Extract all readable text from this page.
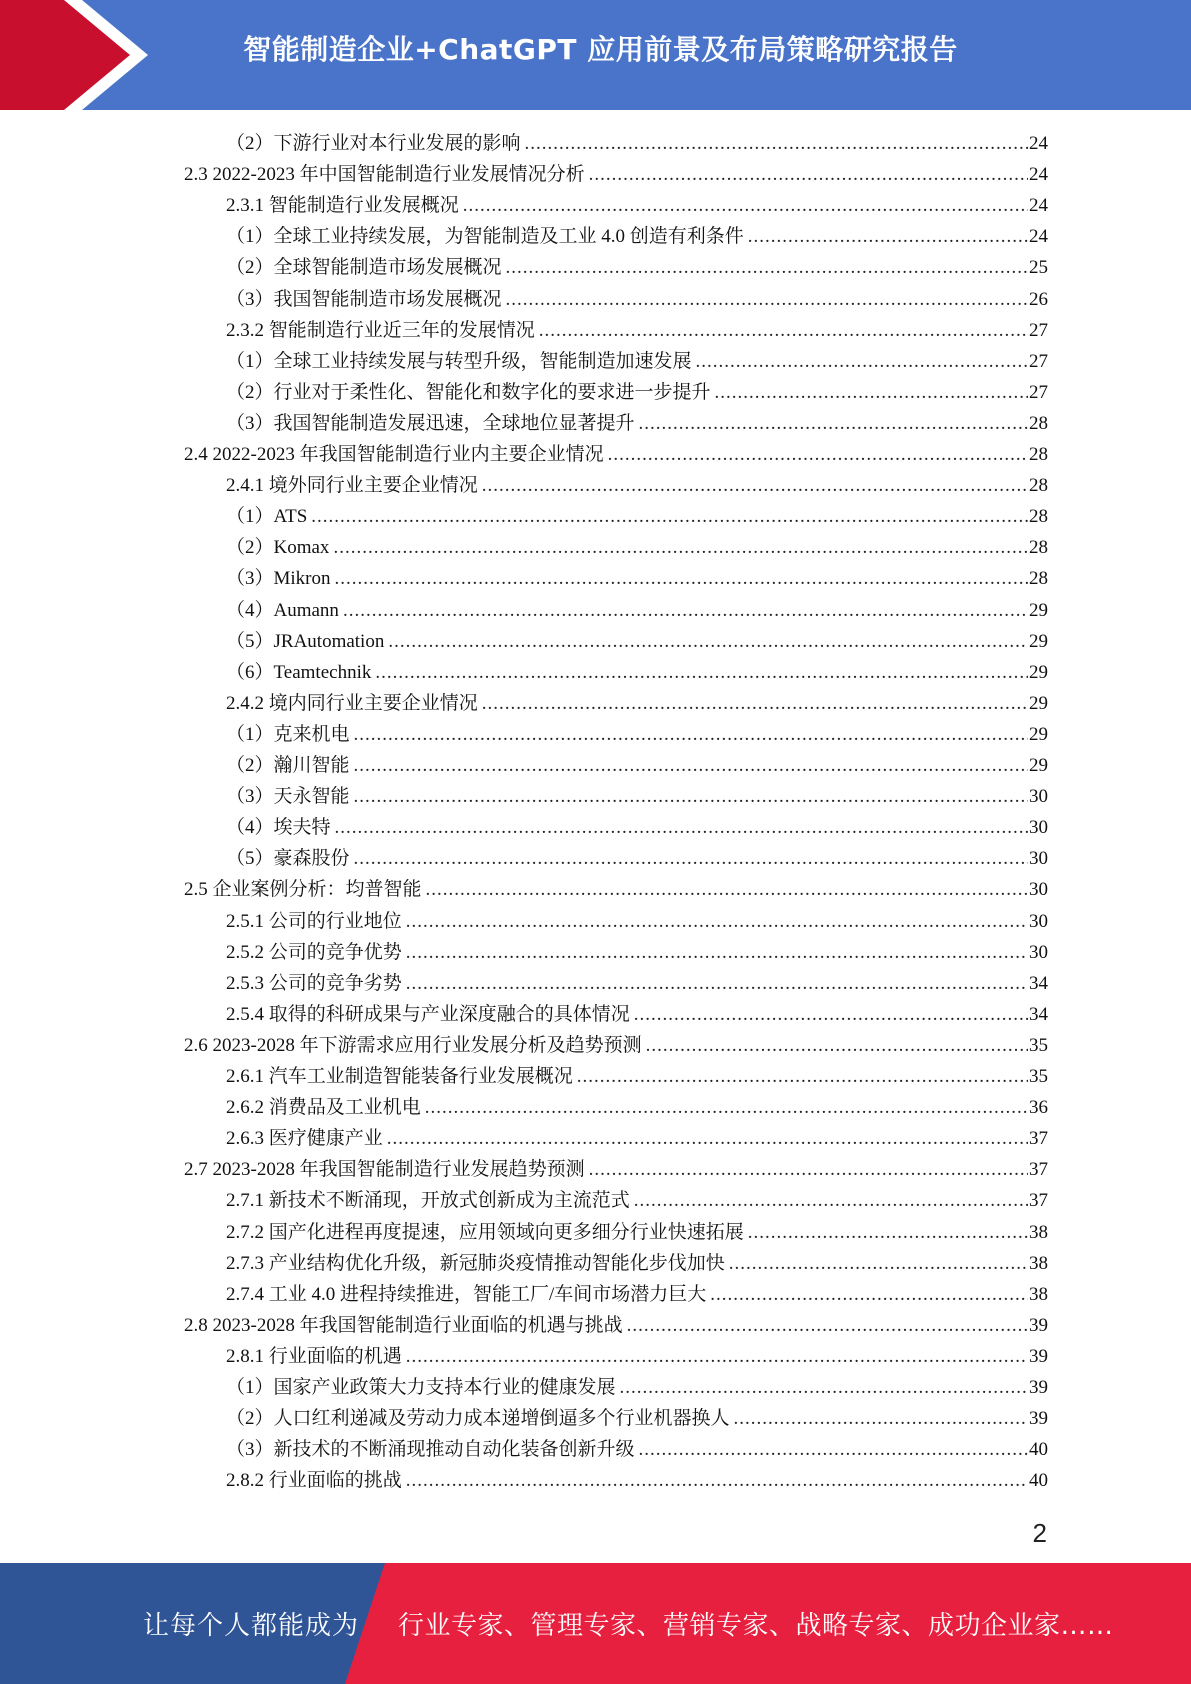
智能制造企业+ChatGPT 应用前景及布局策略研究报告
（2）下游行业对本行业发展的影响 .....	24
2.3 2022-2023 年中国智能制造行业发展情况分析 .....	24
2.3.1 智能制造行业发展概况 .....	24
（1）全球工业持续发展，为智能制造及工业 4.0 创造有利条件 .....	24
（2）全球智能制造市场发展概况 .....	25
（3）我国智能制造市场发展概况 .....	26
2.3.2 智能制造行业近三年的发展情况 .....	27
（1）全球工业持续发展与转型升级，智能制造加速发展 .....	27
（2）行业对于柔性化、智能化和数字化的要求进一步提升 .....	27
（3）我国智能制造发展迅速，全球地位显著提升 .....	28
2.4 2022-2023 年我国智能制造行业内主要企业情况 .....	28
2.4.1 境外同行业主要企业情况 .....	28
（1）ATS .....	28
（2）Komax .....	28
（3）Mikron .....	28
（4）Aumann .....	29
（5）JRAutomation .....	29
（6）Teamtechnik .....	29
2.4.2 境内同行业主要企业情况 .....	29
（1）克来机电 .....	29
（2）瀚川智能 .....	29
（3）天永智能 .....	30
（4）埃夫特 .....	30
（5）豪森股份 .....	30
2.5 企业案例分析：均普智能 .....	30
2.5.1 公司的行业地位 .....	30
2.5.2 公司的竞争优势 .....	30
2.5.3 公司的竞争劣势 .....	34
2.5.4 取得的科研成果与产业深度融合的具体情况 .....	34
2.6 2023-2028 年下游需求应用行业发展分析及趋势预测 .....	35
2.6.1 汽车工业制造智能装备行业发展概况 .....	35
2.6.2 消费品及工业机电 .....	36
2.6.3 医疗健康产业 .....	37
2.7 2023-2028 年我国智能制造行业发展趋势预测 .....	37
2.7.1 新技术不断涌现，开放式创新成为主流范式 .....	37
2.7.2 国产化进程再度提速，应用领域向更多细分行业快速拓展 .....	38
2.7.3 产业结构优化升级，新冠肺炎疫情推动智能化步伐加快 .....	38
2.7.4 工业 4.0 进程持续推进，智能工厂/车间市场潜力巨大 .....	38
2.8 2023-2028 年我国智能制造行业面临的机遇与挑战 .....	39
2.8.1 行业面临的机遇 .....	39
（1）国家产业政策大力支持本行业的健康发展 .....	39
（2）人口红利递减及劳动力成本递增倒逼多个行业机器换人 .....	39
（3）新技术的不断涌现推动自动化装备创新升级 .....	40
2.8.2 行业面临的挑战 .....	40
2
让每个人都能成为 行业专家、管理专家、营销专家、战略专家、成功企业家……
